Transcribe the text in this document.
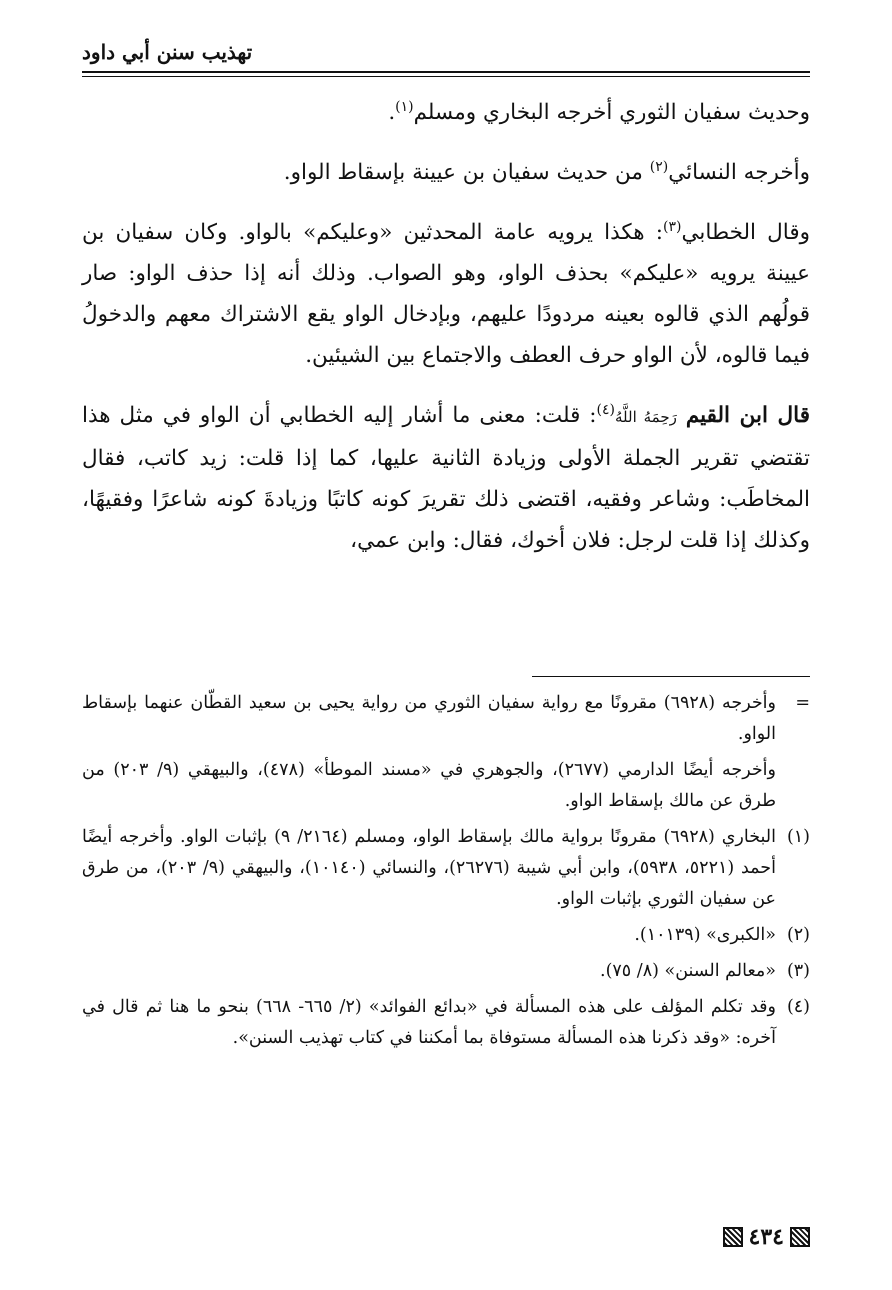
تهذيب سنن أبي داود

وحديث سفيان الثوري أخرجه البخاري ومسلم$^{(١)}$.

وأخرجه النسائي$^{(٢)}$ من حديث سفيان بن عيينة بإسقاط الواو.

وقال الخطابي$^{(٣)}$: هكذا يرويه عامة المحدثين «وعليكم» بالواو. وكان سفيان بن عيينة يرويه «عليكم» بحذف الواو، وهو الصواب. وذلك أنه إذا حذف الواو: صار قولُهم الذي قالوه بعينه مردودًا عليهم، وبإدخال الواو يقع الاشتراك معهم والدخولُ فيما قالوه، لأن الواو حرف العطف والاجتماع بين الشيئين.

قال ابن القيم رَحِمَهُ اللَّهُ$^{(٤)}$: قلت: معنى ما أشار إليه الخطابي أن الواو في مثل هذا تقتضي تقرير الجملة الأولى وزيادة الثانية عليها، كما إذا قلت: زيد كاتب، فقال المخاطَب: وشاعر وفقيه، اقتضى ذلك تقريرَ كونه كاتبًا وزيادةَ كونه شاعرًا وفقيهًا، وكذلك إذا قلت لرجل: فلان أخوك، فقال: وابن عمي،

=
وأخرجه (٦٩٢٨) مقرونًا مع رواية سفيان الثوري من رواية يحيى بن سعيد القطّان عنهما بإسقاط الواو.
وأخرجه أيضًا الدارمي (٢٦٧٧)، والجوهري في «مسند الموطأ» (٤٧٨)، والبيهقي (٩/ ٢٠٣) من طرق عن مالك بإسقاط الواو.
(١)
البخاري (٦٩٢٨) مقرونًا برواية مالك بإسقاط الواو، ومسلم (٢١٦٤/ ٩) بإثبات الواو. وأخرجه أيضًا أحمد (٥٢٢١، ٥٩٣٨)، وابن أبي شيبة (٢٦٢٧٦)، والنسائي (١٠١٤٠)، والبيهقي (٩/ ٢٠٣)، من طرق عن سفيان الثوري بإثبات الواو.
(٢)
«الكبرى» (١٠١٣٩).
(٣)
«معالم السنن» (٨/ ٧٥).
(٤)
وقد تكلم المؤلف على هذه المسألة في «بدائع الفوائد» (٢/ ٦٦٥- ٦٦٨) بنحو ما هنا ثم قال في آخره: «وقد ذكرنا هذه المسألة مستوفاة بما أمكننا في كتاب تهذيب السنن».
٤٣٤
